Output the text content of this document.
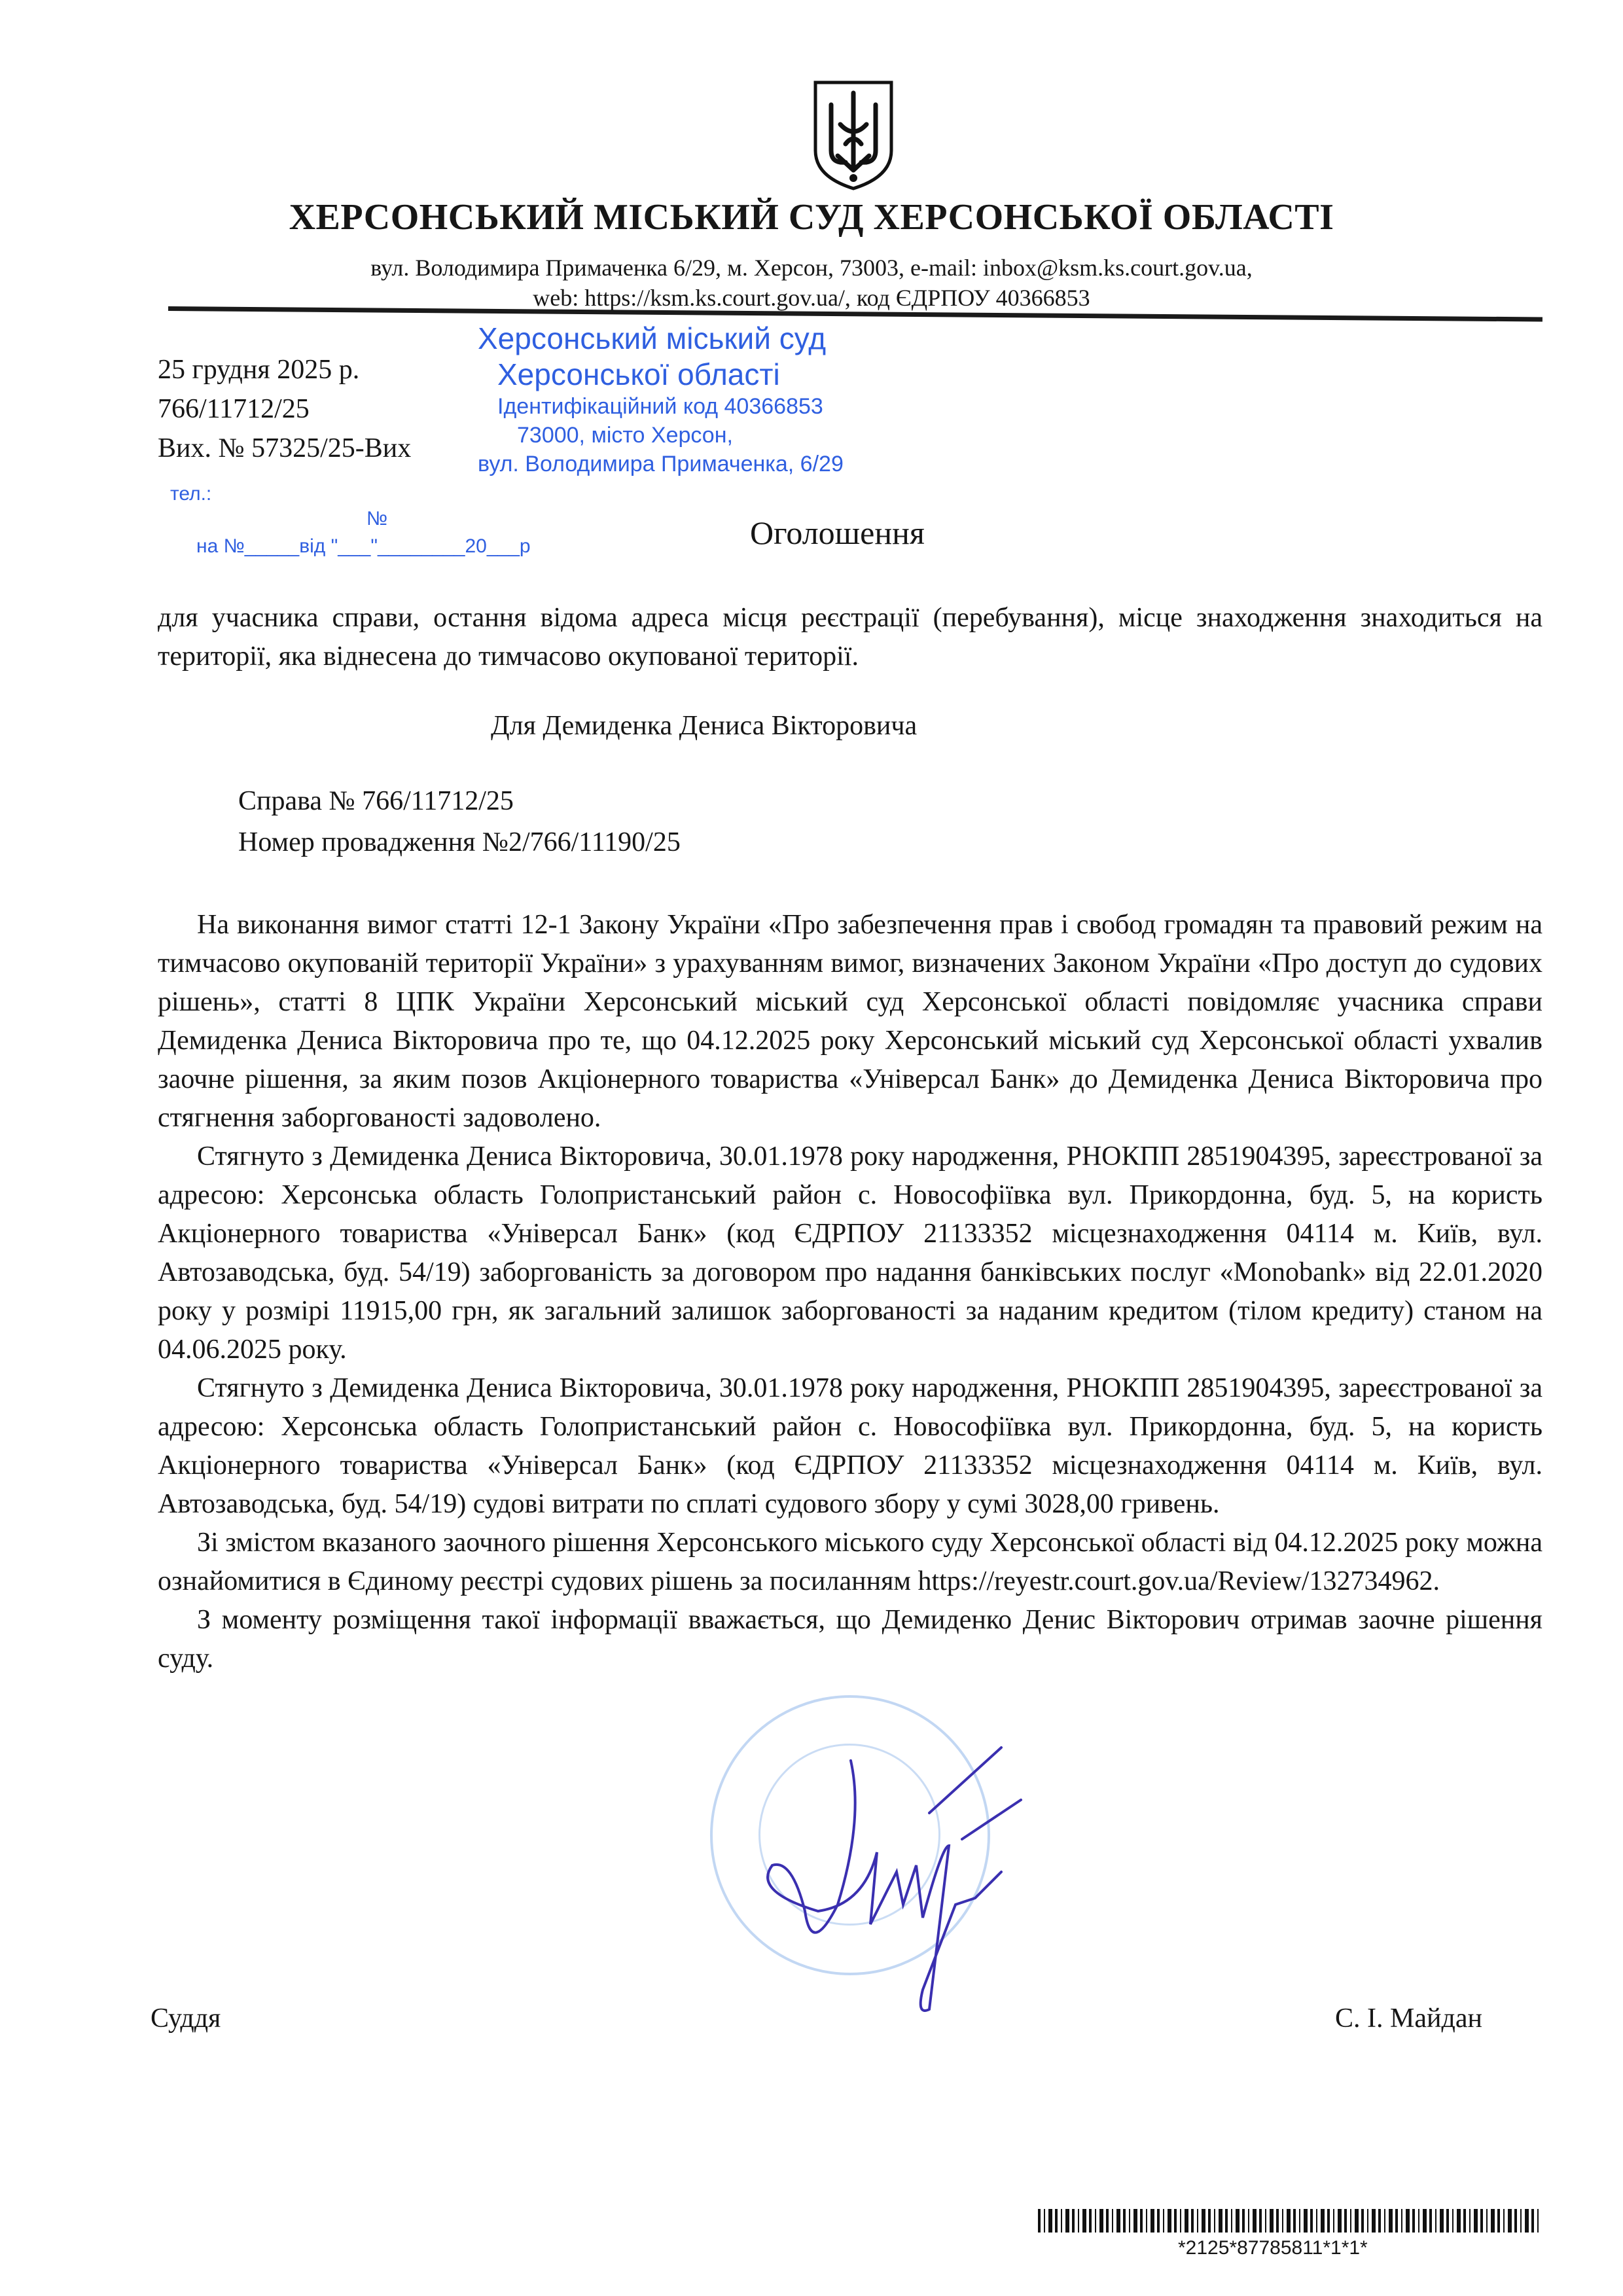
ХЕРСОНСЬКИЙ МІСЬКИЙ СУД ХЕРСОНСЬКОЇ ОБЛАСТІ
вул. Володимира Примаченка 6/29, м. Херсон, 73003, e-mail: inbox@ksm.ks.court.gov.ua,
web: https://ksm.ks.court.gov.ua/, код ЄДРПОУ 40366853
Херсонський міський суд
Херсонської області
Ідентифікаційний код 40366853
73000, місто Херсон,
вул. Володимира Примаченка, 6/29
тел.:
№
на №_____від "___"________20___р
25 грудня 2025 р.
766/11712/25
Вих. № 57325/25-Вих
Оголошення

для учасника справи, остання відома адреса місця реєстрації (перебування), місце знаходження знаходиться на території, яка віднесена до тимчасово окупованої території.

Для Демиденка Дениса Вікторовича
Справа № 766/11712/25
Номер провадження №2/766/11190/25

На виконання вимог статті 12-1 Закону України «Про забезпечення прав і свобод громадян та правовий режим на тимчасово окупованій території України» з урахуванням вимог, визначених Законом України «Про доступ до судових рішень», статті 8 ЦПК України Херсонський міський суд Херсонської області повідомляє учасника справи Демиденка Дениса Вікторовича про те, що 04.12.2025 року Херсонський міський суд Херсонської області ухвалив заочне рішення, за яким позов Акціонерного товариства «Універсал Банк» до Демиденка Дениса Вікторовича про стягнення заборгованості задоволено.

Стягнуто з Демиденка Дениса Вікторовича, 30.01.1978 року народження, РНОКПП 2851904395, зареєстрованої за адресою: Херсонська область Голопристанський район с. Новософіївка вул. Прикордонна, буд. 5, на користь Акціонерного товариства «Універсал Банк» (код ЄДРПОУ 21133352 місцезнаходження 04114 м. Київ, вул. Автозаводська, буд. 54/19) заборгованість за договором про надання банківських послуг «Monobank» від 22.01.2020 року у розмірі 11915,00 грн, як загальний залишок заборгованості за наданим кредитом (тілом кредиту) станом на 04.06.2025 року.

Стягнуто з Демиденка Дениса Вікторовича, 30.01.1978 року народження, РНОКПП 2851904395, зареєстрованої за адресою: Херсонська область Голопристанський район с. Новософіївка вул. Прикордонна, буд. 5, на користь Акціонерного товариства «Універсал Банк» (код ЄДРПОУ 21133352 місцезнаходження 04114 м. Київ, вул. Автозаводська, буд. 54/19) судові витрати по сплаті судового збору у сумі 3028,00 гривень.

Зі змістом вказаного заочного рішення Херсонського міського суду Херсонської області від 04.12.2025 року можна ознайомитися в Єдиному реєстрі судових рішень за посиланням https://reyestr.court.gov.ua/Review/132734962.

З моменту розміщення такої інформації вважається, що Демиденко Денис Вікторович отримав заочне рішення суду.

Суддя	С. І. Майдан
*2125*87785811*1*1*
